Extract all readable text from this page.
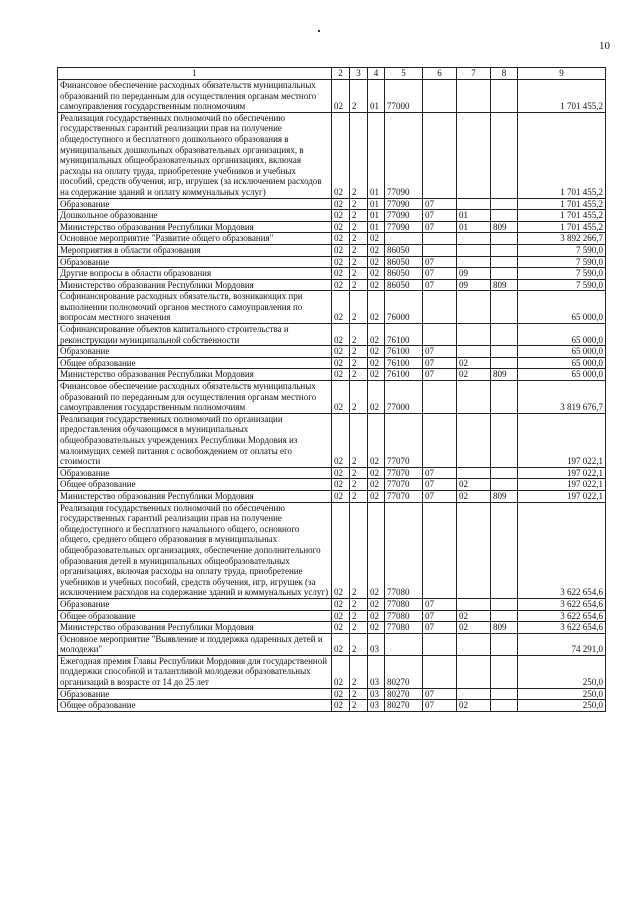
10
1	2	3	4	5	6	7	8	9
Финансовое обеспечение расходных обязательств муниципальных образований по переданным для осуществления органам местного самоуправления государственным полномочиям	02	2	01	77000				1 701 455,2
Реализация государственных полномочий по обеспечению государственных гарантий реализации прав на получение общедоступного и бесплатного дошкольного образования в муниципальных дошкольных образовательных организациях, в муниципальных общеобразовательных организациях, включая расходы на оплату труда, приобретение учебников и учебных пособий, средств обучения, игр, игрушек (за исключением расходов на содержание зданий и оплату коммунальных услуг)	02	2	01	77090				1 701 455,2
Образование	02	2	01	77090	07			1 701 455,2
Дошкольное образование	02	2	01	77090	07	01		1 701 455,2
Министерство образования Республики Мордовия	02	2	01	77090	07	01	809	1 701 455,2
Основное мероприятие "Развитие общего образования"	02	2	02					3 892 266,7
Мероприятия в области образования	02	2	02	86050				7 590,0
Образование	02	2	02	86050	07			7 590,0
Другие вопросы в области образования	02	2	02	86050	07	09		7 590,0
Министерство образования Республики Мордовия	02	2	02	86050	07	09	809	7 590,0
Софинансирование расходных обязательств, возникающих при выполнении полномочий органов местного самоуправления по вопросам местного значения	02	2	02	76000				65 000,0
Софинансирование объектов капитального строительства и реконструкции муниципальной собственности	02	2	02	76100				65 000,0
Образование	02	2	02	76100	07			65 000,0
Общее образование	02	2	02	76100	07	02		65 000,0
Министерство образования Республики Мордовия	02	2	02	76100	07	02	809	65 000,0
Финансовое обеспечение расходных обязательств муниципальных образований по переданным для осуществления органам местного самоуправления государственным полномочиям	02	2	02	77000				3 819 676,7
Реализация государственных полномочий по организации предоставления обучающимся в муниципальных общеобразовательных учреждениях Республики Мордовия из малоимущих семей питания с освобождением от оплаты его стоимости	02	2	02	77070				197 022,1
Образование	02	2	02	77070	07			197 022,1
Общее образование	02	2	02	77070	07	02		197 022,1
Министерство образования Республики Мордовия	02	2	02	77070	07	02	809	197 022,1
Реализация государственных полномочий по обеспечению государственных гарантий реализации прав на получение общедоступного и бесплатного начального общего, основного общего, среднего общего образования в муниципальных общеобразовательных организациях, обеспечение дополнительного образования детей в муниципальных общеобразовательных организациях, включая расходы на оплату труда, приобретение учебников и учебных пособий, средств обучения, игр, игрушек (за исключением расходов на содержание зданий и коммунальных услуг)	02	2	02	77080				3 622 654,6
Образование	02	2	02	77080	07			3 622 654,6
Общее образование	02	2	02	77080	07	02		3 622 654,6
Министерство образования Республики Мордовия	02	2	02	77080	07	02	809	3 622 654,6
Основное мероприятие "Выявление и поддержка одаренных детей и молодежи"	02	2	03					74 291,0
Ежегодная премия Главы Республики Мордовия для государственной поддержки способной и талантливой молодежи образовательных организаций в возрасте от 14 до 25 лет	02	2	03	80270				250,0
Образование	02	2	03	80270	07			250,0
Общее образование	02	2	03	80270	07	02		250,0
